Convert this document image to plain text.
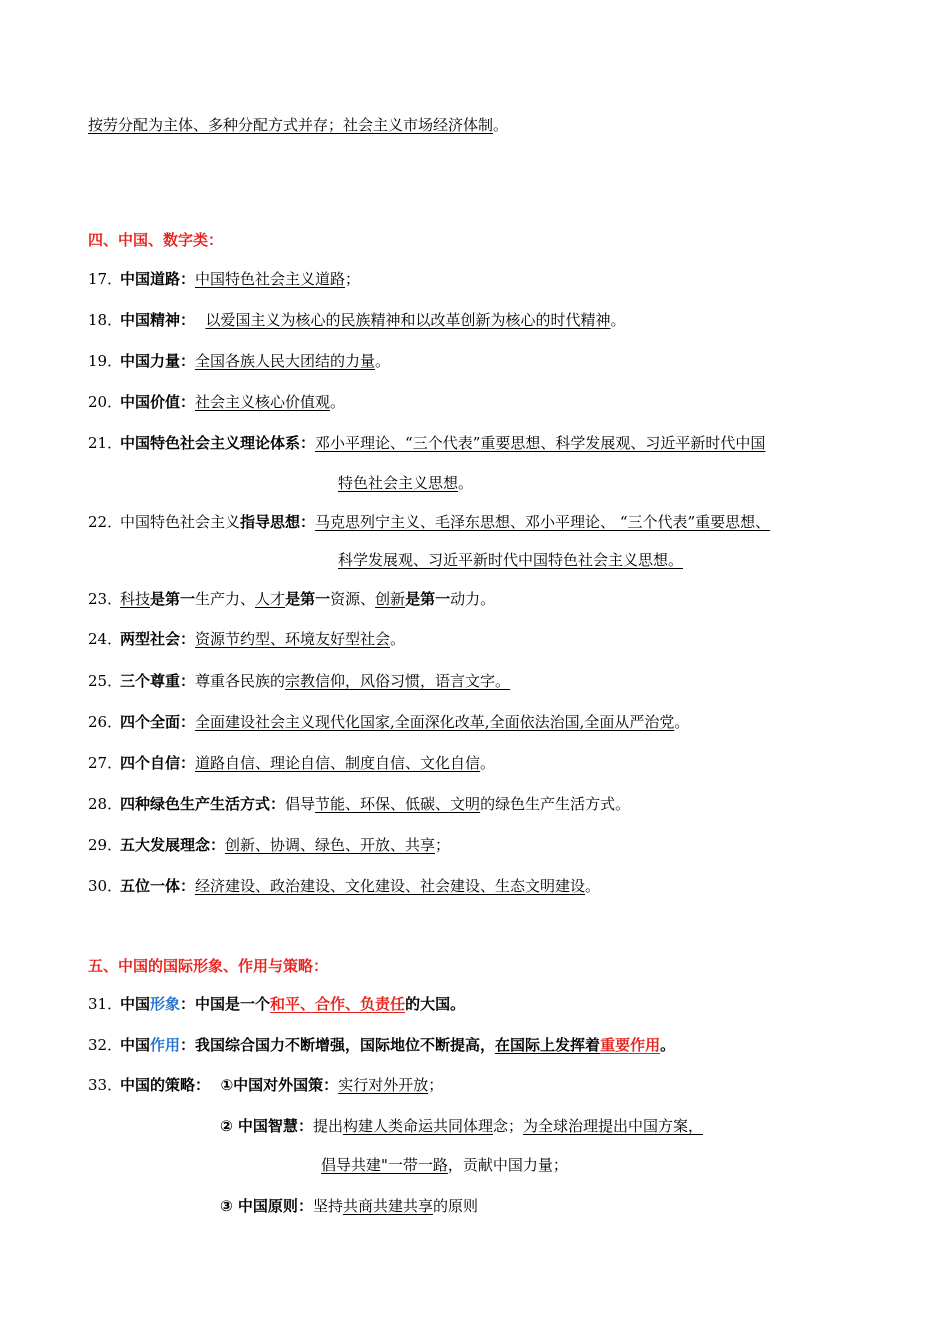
按劳分配为主体、多种分配方式并存；社会主义市场经济体制。
四、中国、数字类：
17．中国道路：中国特色社会主义道路；
18．中国精神：  以爱国主义为核心的民族精神和以改革创新为核心的时代精神。
19．中国力量：全国各族人民大团结的力量。
20．中国价值：社会主义核心价值观。
21．中国特色社会主义理论体系：邓小平理论、“三个代表”重要思想、科学发展观、习近平新时代中国
特色社会主义思想。
22．中国特色社会主义指导思想：马克思列宁主义、毛泽东思想、邓小平理论、 “三个代表”重要思想、
科学发展观、习近平新时代中国特色社会主义思想。
23．科技是第一生产力、人才是第一资源、创新是第一动力。
24．两型社会：资源节约型、环境友好型社会。
25．三个尊重：尊重各民族的宗教信仰，风俗习惯，语言文字。
26．四个全面：全面建设社会主义现代化国家,全面深化改革,全面依法治国,全面从严治党。
27．四个自信：道路自信、理论自信、制度自信、文化自信。
28．四种绿色生产生活方式：倡导节能、环保、低碳、文明的绿色生产生活方式。
29．五大发展理念：创新、协调、绿色、开放、共享；
30．五位一体：经济建设、政治建设、文化建设、社会建设、生态文明建设。
五、中国的国际形象、作用与策略：
31．中国形象：中国是一个和平、合作、负责任的大国。
32．中国作用：我国综合国力不断增强，国际地位不断提高，在国际上发挥着重要作用。
33．中国的策略：  ①中国对外国策：实行对外开放；
② 中国智慧：提出构建人类命运共同体理念；为全球治理提出中国方案，
倡导共建"一带一路，贡献中国力量；
③ 中国原则：坚持共商共建共享的原则
